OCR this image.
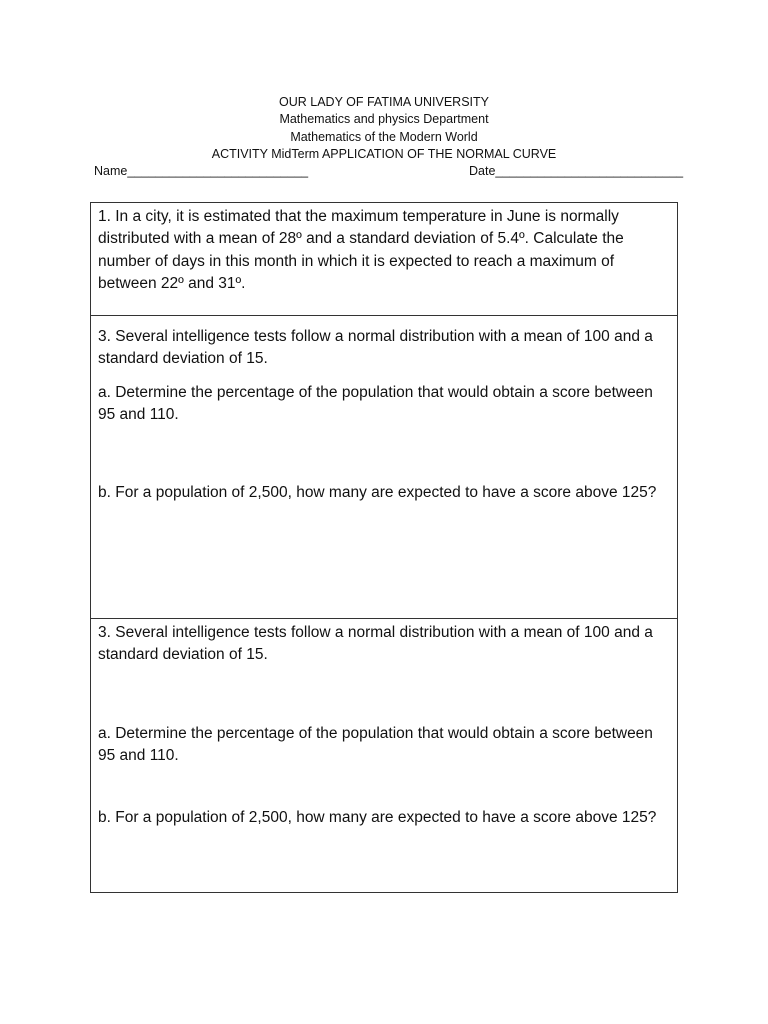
OUR LADY OF FATIMA UNIVERSITY
Mathematics and physics Department
Mathematics of the Modern World
ACTIVITY MidTerm APPLICATION OF THE NORMAL CURVE
Name__________________________	Date___________________________

1. In a city, it is estimated that the maximum temperature in June is normally distributed with a mean of 28º and a standard deviation of 5.4º. Calculate the number of days in this month in which it is expected to reach a maximum of between 22º and 31º.

3. Several intelligence tests follow a normal distribution with a mean of 100 and a standard deviation of 15.

a. Determine the percentage of the population that would obtain a score between 95 and 110.

b. For a population of 2,500, how many are expected to have a score above 125?

3. Several intelligence tests follow a normal distribution with a mean of 100 and a standard deviation of 15.

a. Determine the percentage of the population that would obtain a score between 95 and 110.

b. For a population of 2,500, how many are expected to have a score above 125?
